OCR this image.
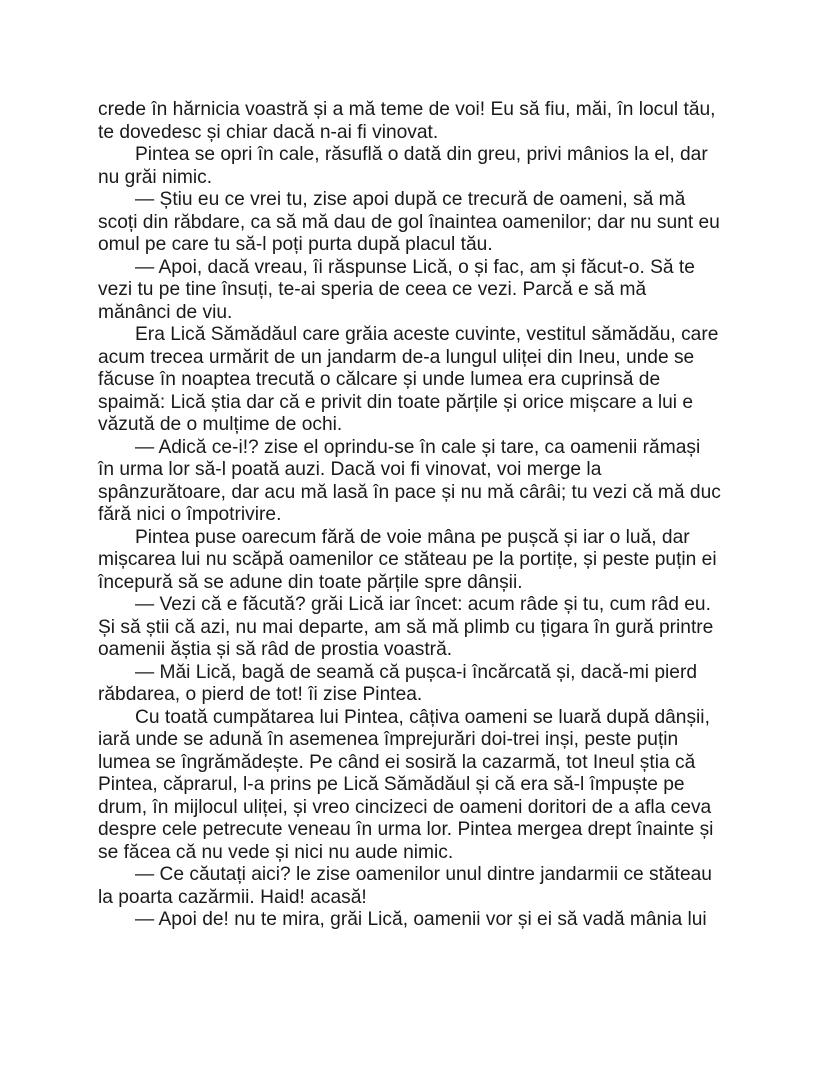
crede în hărnicia voastră și a mă teme de voi! Eu să fiu, măi, în locul tău,
te dovedesc și chiar dacă n-ai fi vinovat.
Pintea se opri în cale, răsuflă o dată din greu, privi mânios la el, dar
nu grăi nimic.
— Știu eu ce vrei tu, zise apoi după ce trecură de oameni, să mă
scoți din răbdare, ca să mă dau de gol înaintea oamenilor; dar nu sunt eu
omul pe care tu să-l poți purta după placul tău.
— Apoi, dacă vreau, îi răspunse Lică, o și fac, am și făcut-o. Să te
vezi tu pe tine însuți, te-ai speria de ceea ce vezi. Parcă e să mă
mănânci de viu.
Era Lică Sămădăul care grăia aceste cuvinte, vestitul sămădău, care
acum trecea urmărit de un jandarm de-a lungul uliței din Ineu, unde se
făcuse în noaptea trecută o călcare și unde lumea era cuprinsă de
spaimă: Lică știa dar că e privit din toate părțile și orice mișcare a lui e
văzută de o mulțime de ochi.
— Adică ce-i!? zise el oprindu-se în cale și tare, ca oamenii rămași
în urma lor să-l poată auzi. Dacă voi fi vinovat, voi merge la
spânzurătoare, dar acu mă lasă în pace și nu mă cârâi; tu vezi că mă duc
fără nici o împotrivire.
Pintea puse oarecum fără de voie mâna pe pușcă și iar o luă, dar
mișcarea lui nu scăpă oamenilor ce stăteau pe la portițe, și peste puțin ei
începură să se adune din toate părțile spre dânșii.
— Vezi că e făcută? grăi Lică iar încet: acum râde și tu, cum râd eu.
Și să știi că azi, nu mai departe, am să mă plimb cu țigara în gură printre
oamenii ăștia și să râd de prostia voastră.
— Măi Lică, bagă de seamă că pușca-i încărcată și, dacă-mi pierd
răbdarea, o pierd de tot! îi zise Pintea.
Cu toată cumpătarea lui Pintea, câțiva oameni se luară după dânșii,
iară unde se adună în asemenea împrejurări doi-trei inși, peste puțin
lumea se îngrămădește. Pe când ei sosiră la cazarmă, tot Ineul știa că
Pintea, căprarul, l-a prins pe Lică Sămădăul și că era să-l împuște pe
drum, în mijlocul uliței, și vreo cincizeci de oameni doritori de a afla ceva
despre cele petrecute veneau în urma lor. Pintea mergea drept înainte și
se făcea că nu vede și nici nu aude nimic.
— Ce căutați aici? le zise oamenilor unul dintre jandarmii ce stăteau
la poarta cazărmii. Haid! acasă!
— Apoi de! nu te mira, grăi Lică, oamenii vor și ei să vadă mânia lui
